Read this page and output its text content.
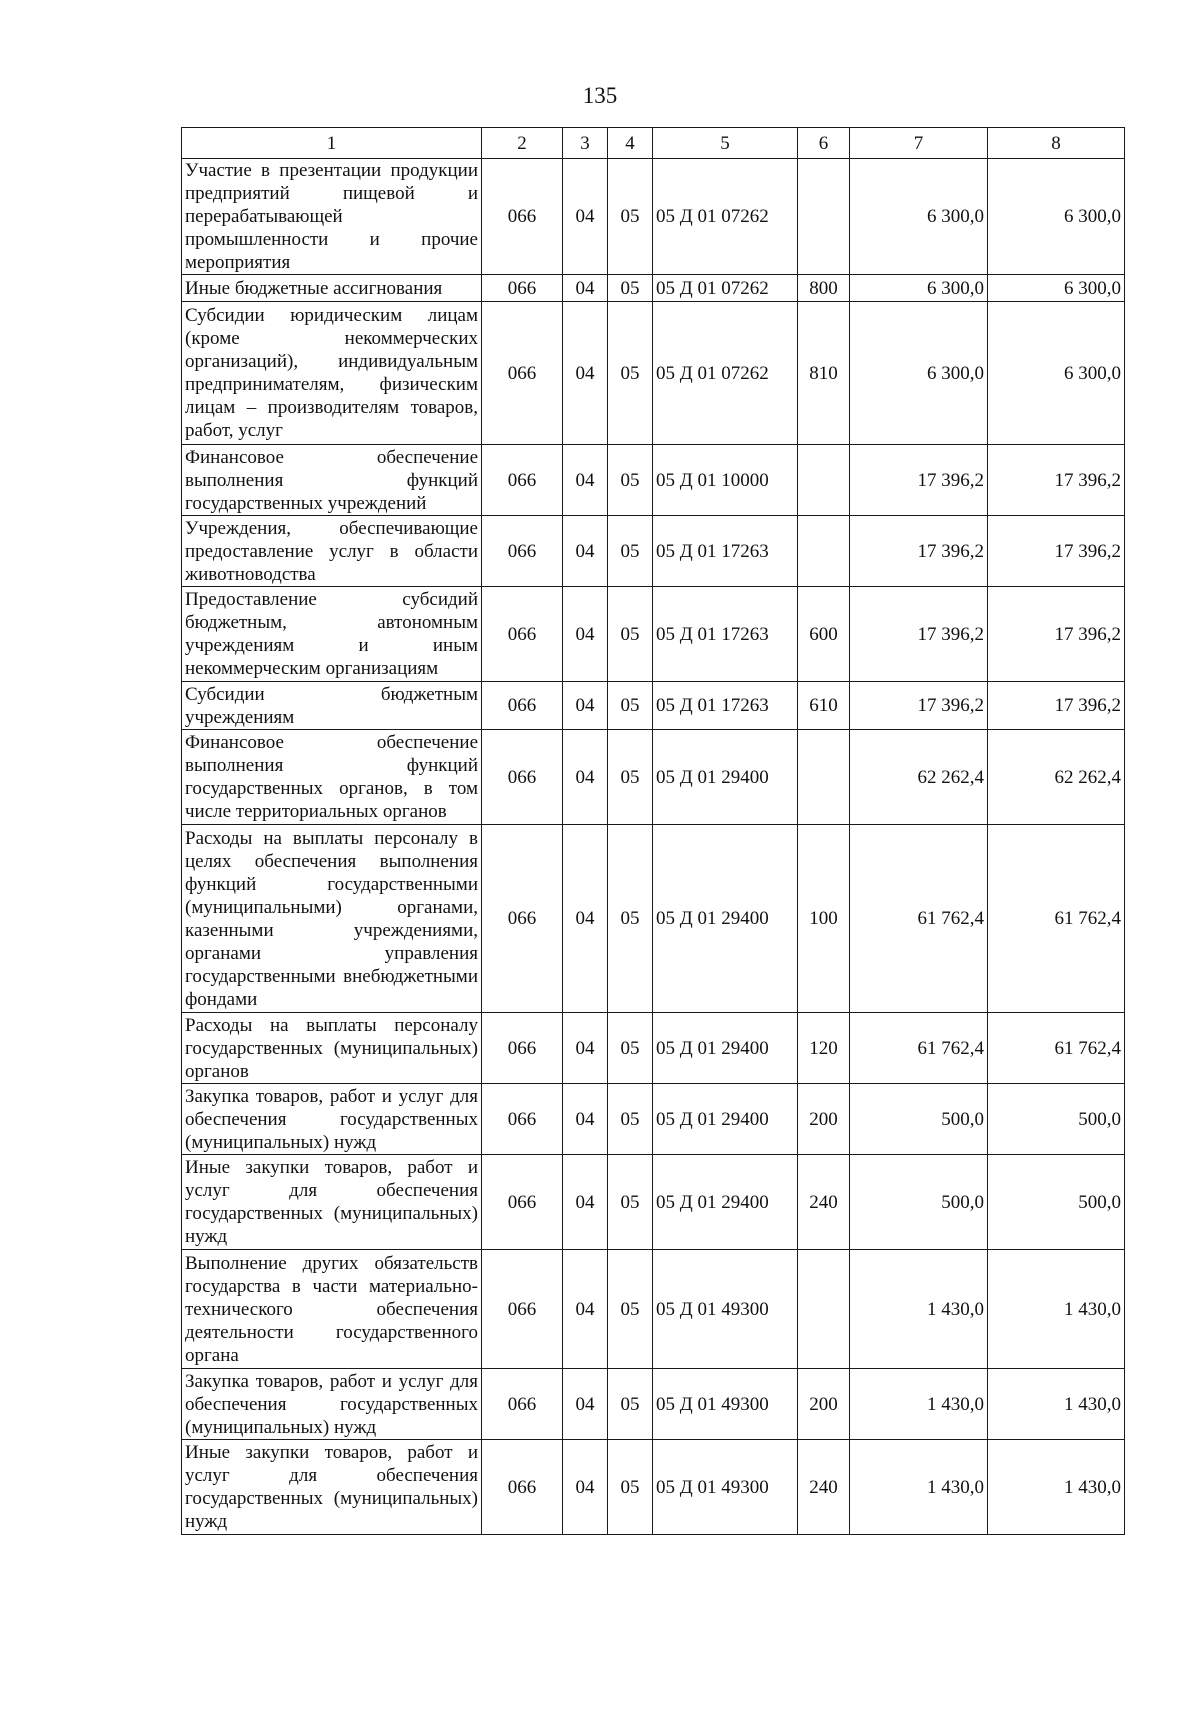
135
1	2	3	4	5	6	7	8
Участие в презентации продукции предприятий пищевой и перерабатывающей промышленности и прочие мероприятия	066	04	05	05 Д 01 07262		6 300,0	6 300,0
Иные бюджетные ассигнования	066	04	05	05 Д 01 07262	800	6 300,0	6 300,0
Субсидии юридическим лицам (кроме некоммерческих организаций), индивидуальным предпринимателям, физическим лицам – производителям товаров, работ, услуг	066	04	05	05 Д 01 07262	810	6 300,0	6 300,0
Финансовое обеспечение выполнения функций государственных учреждений	066	04	05	05 Д 01 10000		17 396,2	17 396,2
Учреждения, обеспечивающие предоставление услуг в области животноводства	066	04	05	05 Д 01 17263		17 396,2	17 396,2
Предоставление субсидий бюджетным, автономным учреждениям и иным некоммерческим организациям	066	04	05	05 Д 01 17263	600	17 396,2	17 396,2
Субсидии бюджетным учреждениям	066	04	05	05 Д 01 17263	610	17 396,2	17 396,2
Финансовое обеспечение выполнения функций государственных органов, в том числе территориальных органов	066	04	05	05 Д 01 29400		62 262,4	62 262,4
Расходы на выплаты персоналу в целях обеспечения выполнения функций государственными (муниципальными) органами, казенными учреждениями, органами управления государственными внебюджетными фондами	066	04	05	05 Д 01 29400	100	61 762,4	61 762,4
Расходы на выплаты персоналу государственных (муниципальных) органов	066	04	05	05 Д 01 29400	120	61 762,4	61 762,4
Закупка товаров, работ и услуг для обеспечения государственных (муниципальных) нужд	066	04	05	05 Д 01 29400	200	500,0	500,0
Иные закупки товаров, работ и услуг для обеспечения государственных (муниципальных) нужд	066	04	05	05 Д 01 29400	240	500,0	500,0
Выполнение других обязательств государства в части материально-технического обеспечения деятельности государственного органа	066	04	05	05 Д 01 49300		1 430,0	1 430,0
Закупка товаров, работ и услуг для обеспечения государственных (муниципальных) нужд	066	04	05	05 Д 01 49300	200	1 430,0	1 430,0
Иные закупки товаров, работ и услуг для обеспечения государственных (муниципальных) нужд	066	04	05	05 Д 01 49300	240	1 430,0	1 430,0
